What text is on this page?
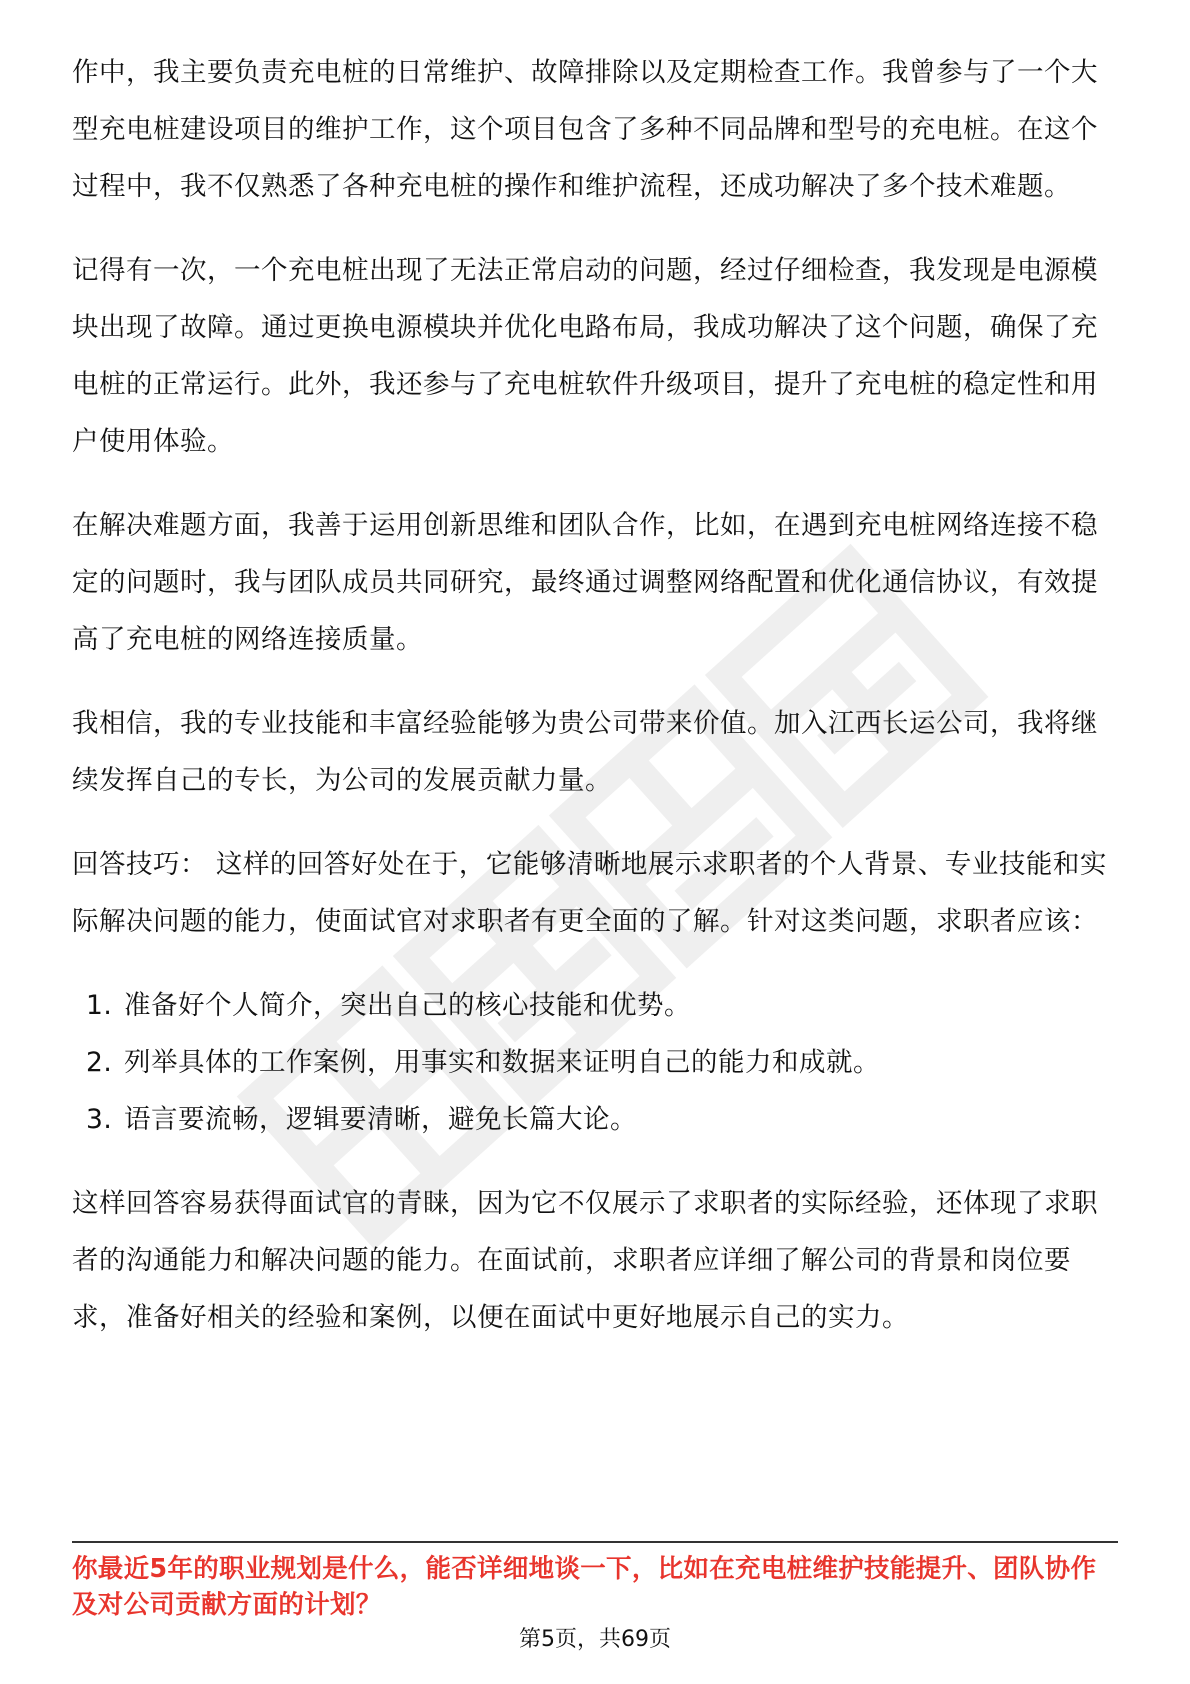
作中，我主要负责充电桩的日常维护、故障排除以及定期检查工作。我曾参与了一个大型充电桩建设项目的维护工作，这个项目包含了多种不同品牌和型号的充电桩。在这个过程中，我不仅熟悉了各种充电桩的操作和维护流程，还成功解决了多个技术难题。

记得有一次，一个充电桩出现了无法正常启动的问题，经过仔细检查，我发现是电源模块出现了故障。通过更换电源模块并优化电路布局，我成功解决了这个问题，确保了充电桩的正常运行。此外，我还参与了充电桩软件升级项目，提升了充电桩的稳定性和用户使用体验。

在解决难题方面，我善于运用创新思维和团队合作，比如，在遇到充电桩网络连接不稳定的问题时，我与团队成员共同研究，最终通过调整网络配置和优化通信协议，有效提高了充电桩的网络连接质量。

我相信，我的专业技能和丰富经验能够为贵公司带来价值。加入江西长运公司，我将继续发挥自己的专长，为公司的发展贡献力量。

回答技巧： 这样的回答好处在于，它能够清晰地展示求职者的个人背景、专业技能和实际解决问题的能力，使面试官对求职者有更全面的了解。针对这类问题，求职者应该：

1. 准备好个人简介，突出自己的核心技能和优势。
2. 列举具体的工作案例，用事实和数据来证明自己的能力和成就。
3. 语言要流畅，逻辑要清晰，避免长篇大论。

这样回答容易获得面试官的青睐，因为它不仅展示了求职者的实际经验，还体现了求职者的沟通能力和解决问题的能力。在面试前，求职者应详细了解公司的背景和岗位要求，准备好相关的经验和案例，以便在面试中更好地展示自己的实力。

你最近5年的职业规划是什么，能否详细地谈一下，比如在充电桩维护技能提升、团队协作及对公司贡献方面的计划？

第5页，共69页
